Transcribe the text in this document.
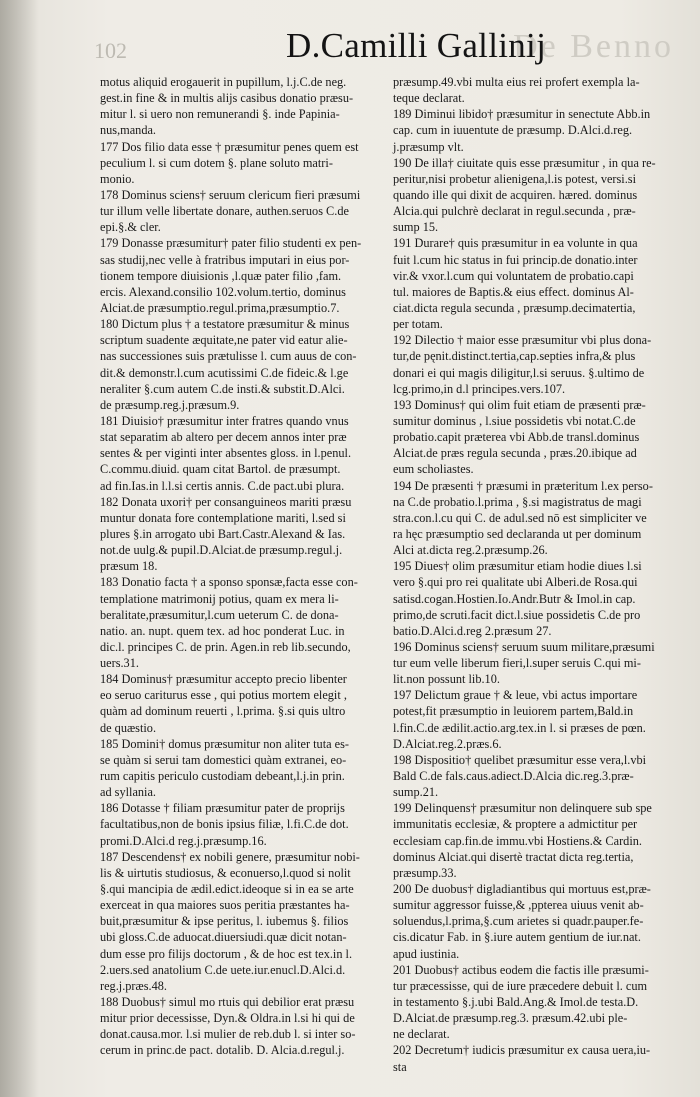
De Benno
102	D.Camilli Gallinij
motus aliquid erogauerit in pupillum, l.j.C.de neg.
gest.in fine & in multis alijs casibus donatio præsu-
mitur l. si uero non remunerandi §. inde Papinia-
nus,manda.
177 Dos filio data esse † præsumitur penes quem est
peculium l. si cum dotem §. plane soluto matri-
monio.
178 Dominus sciens† seruum clericum fieri præsumi
tur illum velle libertate donare, authen.seruos C.de
epi.§.& cler.
179 Donasse præsumitur† pater filio studenti ex pen-
sas studij,nec velle à fratribus imputari in eius por-
tionem tempore diuisionis ,l.quæ pater filio ,fam.
ercis. Alexand.consilio 102.volum.tertio, dominus
Alciat.de præsumptio.regul.prima,præsumptio.7.
180 Dictum plus † a testatore præsumitur & minus
scriptum suadente æquitate,ne pater vid eatur alie-
nas successiones suis prætulisse l. cum auus de con-
dit.& demonstr.l.cum acutissimi C.de fideic.& l.ge
neraliter §.cum autem C.de insti.& substit.D.Alci.
de præsump.reg.j.præsum.9.
181 Diuisio† præsumitur inter fratres quando vnus
stat separatim ab altero per decem annos inter præ
sentes & per viginti inter absentes gloss. in l.penul.
C.commu.diuid. quam citat Bartol. de præsumpt.
ad fin.Ias.in l.l.si certis annis. C.de pact.ubi plura.
182 Donata uxori† per consanguineos mariti præsu
muntur donata fore contemplatione mariti, l.sed si
plures §.in arrogato ubi Bart.Castr.Alexand & Ias.
not.de uulg.& pupil.D.Alciat.de præsump.regul.j.
præsum 18.
183 Donatio facta † a sponso sponsæ,facta esse con-
templatione matrimonij potius, quam ex mera li-
beralitate,præsumitur,l.cum ueterum C. de dona-
natio. an. nupt. quem tex. ad hoc ponderat Luc. in
dic.l. principes C. de prin. Agen.in reb lib.secundo,
uers.31.
184 Dominus† præsumitur accepto precio libenter
eo seruo cariturus esse , qui potius mortem elegit ,
quàm ad dominum reuerti , l.prima. §.si quis ultro
de quæstio.
185 Domini† domus præsumitur non aliter tuta es-
se quàm si serui tam domestici quàm extranei, eo-
rum capitis periculo custodiam debeant,l.j.in prin.
ad syllania.
186 Dotasse † filiam præsumitur pater de proprijs
facultatibus,non de bonis ipsius filiæ, l.fi.C.de dot.
promi.D.Alci.d reg.j.præsump.16.
187 Descendens† ex nobili genere, præsumitur nobi-
lis & uirtutis studiosus, & econuerso,l.quod si nolit
§.qui mancipia de ædil.edict.ideoque si in ea se arte
exerceat in qua maiores suos peritia præstantes ha-
buit,præsumitur & ipse peritus, l. iubemus §. filios
ubi gloss.C.de aduocat.diuersiudi.quæ dicit notan-
dum esse pro filijs doctorum , & de hoc est tex.in l.
2.uers.sed anatolium C.de uete.iur.enucl.D.Alci.d.
reg.j.præs.48.
188 Duobus† simul mo rtuis qui debilior erat præsu
mitur prior decessisse, Dyn.& Oldra.in l.si hi qui de
donat.causa.mor. l.si mulier de reb.dub l. si inter so-
cerum in princ.de pact. dotalib. D. Alcia.d.regul.j.
præsump.49.vbi multa eius rei profert exempla la-
teque declarat.
189 Diminui libido† præsumitur in senectute Abb.in
cap. cum in iuuentute de præsump. D.Alci.d.reg.
j.præsump vlt.
190 De illa† ciuitate quis esse præsumitur , in qua re-
peritur,nisi probetur alienigena,l.is potest, versi.si
quando ille qui dixit de acquiren. hæred. dominus
Alcia.qui pulchrè declarat in regul.secunda , præ-
sump 15.
191 Durare† quis præsumitur in ea volunte in qua
fuit l.cum hic status in fui princip.de donatio.inter
vir.& vxor.l.cum qui voluntatem de probatio.capi
tul. maiores de Baptis.& eius effect. dominus Al-
ciat.dicta regula secunda , præsump.decimatertia,
per totam.
192 Dilectio † maior esse præsumitur vbi plus dona-
tur,de pęnit.distinct.tertia,cap.septies infra,& plus
donari ei qui magis diligitur,l.si seruus. §.ultimo de
lcg.primo,in d.l principes.vers.107.
193 Dominus† qui olim fuit etiam de præsenti præ-
sumitur dominus , l.siue possidetis vbi notat.C.de
probatio.capit præterea vbi Abb.de transl.dominus
Alciat.de præs regula secunda , præs.20.ibique ad
eum scholiastes.
194 De præsenti † præsumi in præteritum l.ex perso-
na C.de probatio.l.prima , §.si magistratus de magi
stra.con.l.cu qui C. de adul.sed nō est simpliciter ve
ra hęc præsumptio sed declaranda ut per dominum
Alci at.dicta reg.2.præsump.26.
195 Diues† olim præsumitur etiam hodie diues l.si
vero §.qui pro rei qualitate ubi Alberi.de Rosa.qui
satisd.cogan.Hostien.Io.Andr.Butr & Imol.in cap.
primo,de scruti.facit dict.l.siue possidetis C.de pro
batio.D.Alci.d.reg 2.præsum 27.
196 Dominus sciens† seruum suum militare,præsumi
tur eum velle liberum fieri,l.super seruis C.qui mi-
lit.non possunt lib.10.
197 Delictum graue † & leue, vbi actus importare
potest,fit præsumptio in leuiorem partem,Bald.in
l.fin.C.de ædilit.actio.arg.tex.in l. si præses de pœn.
D.Alciat.reg.2.præs.6.
198 Dispositio† quelibet præsumitur esse vera,l.vbi
Bald C.de fals.caus.adiect.D.Alcia dic.reg.3.præ-
sump.21.
199 Delinquens† præsumitur non delinquere sub spe
immunitatis ecclesiæ, & proptere a admictitur per
ecclesiam cap.fin.de immu.vbi Hostiens.& Cardin.
dominus Alciat.qui disertè tractat dicta reg.tertia,
præsump.33.
200 De duobus† digladiantibus qui mortuus est,præ-
sumitur aggressor fuisse,& ,ppterea uiuus venit ab-
soluendus,l.prima,§.cum arietes si quadr.pauper.fe-
cis.dicatur Fab. in §.iure autem gentium de iur.nat.
apud iustinia.
201 Duobus† actibus eodem die factis ille præsumi-
tur præcessisse, qui de iure præcedere debuit l. cum
in testamento §.j.ubi Bald.Ang.& Imol.de testa.D.
D.Alciat.de præsump.reg.3. præsum.42.ubi ple-
ne declarat.
202 Decretum† iudicis præsumitur ex causa uera,iu-
sta
